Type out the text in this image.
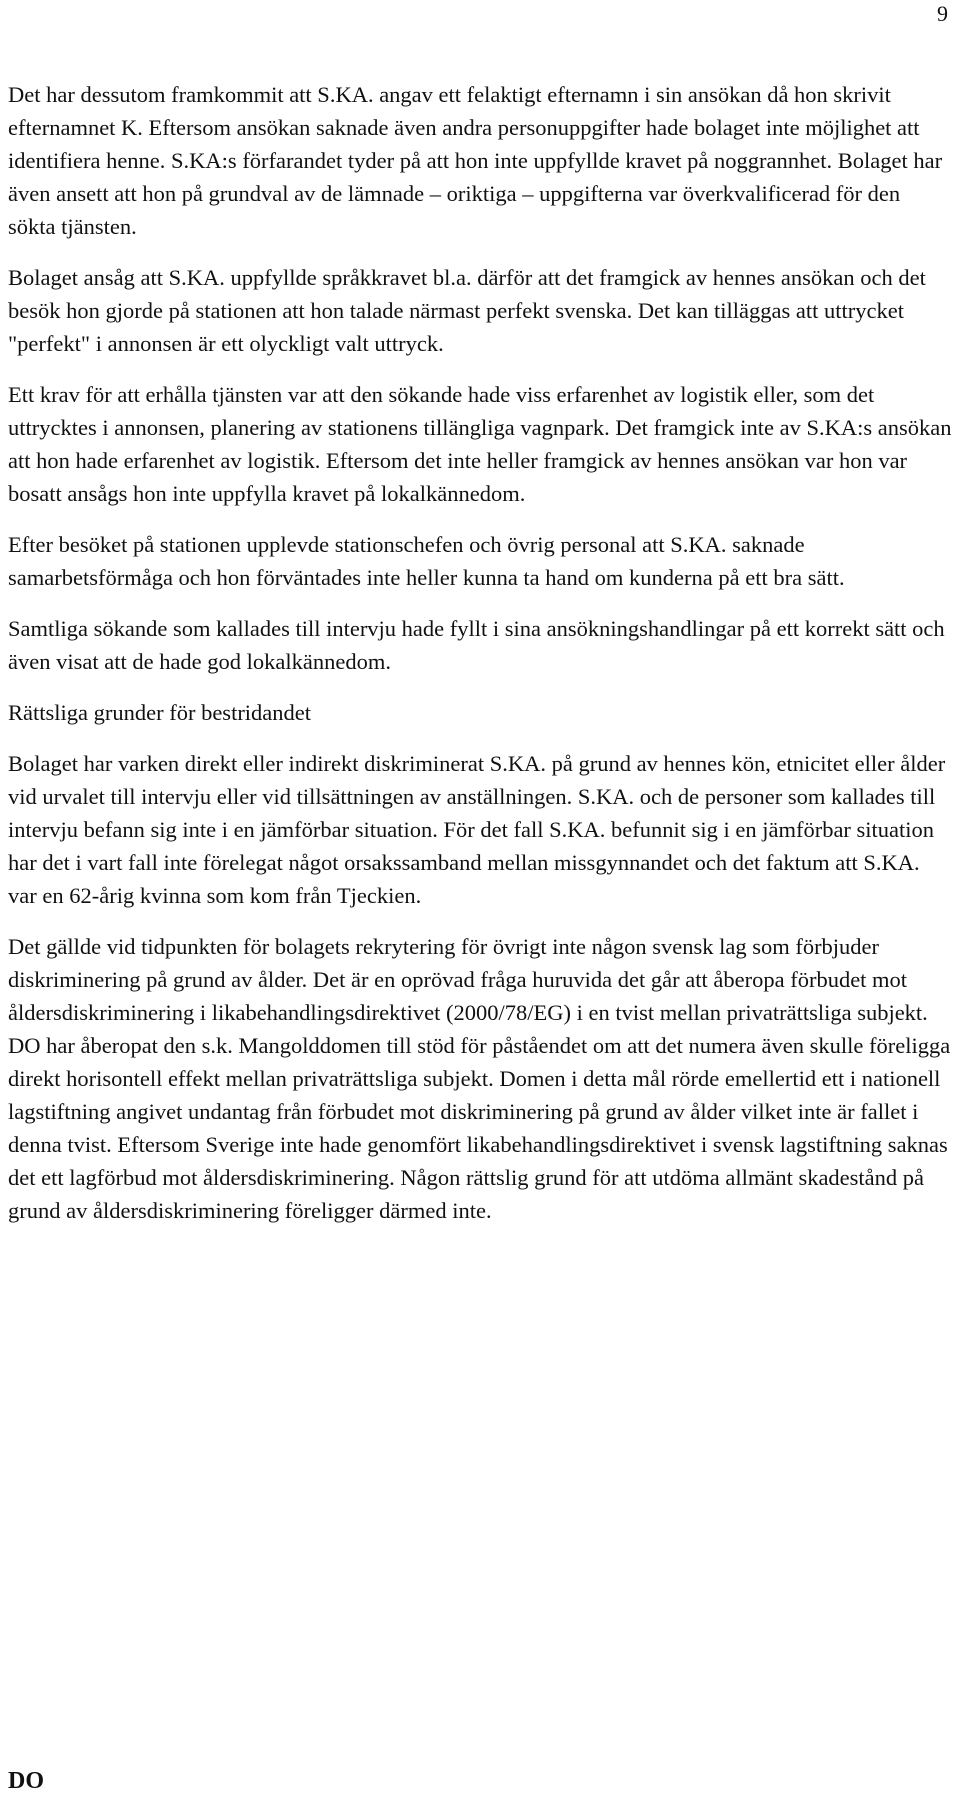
9

Det har dessutom framkommit att S.KA. angav ett felaktigt efternamn i sin ansökan då hon skrivit efternamnet K. Eftersom ansökan saknade även andra personuppgifter hade bolaget inte möjlighet att identifiera henne. S.KA:s förfarandet tyder på att hon inte uppfyllde kravet på noggrannhet. Bolaget har även ansett att hon på grundval av de lämnade – oriktiga – uppgifterna var överkvalificerad för den sökta tjänsten.

Bolaget ansåg att S.KA. uppfyllde språkkravet bl.a. därför att det framgick av hennes ansökan och det besök hon gjorde på stationen att hon talade närmast perfekt svenska. Det kan tilläggas att uttrycket "perfekt" i annonsen är ett olyckligt valt uttryck.

Ett krav för att erhålla tjänsten var att den sökande hade viss erfarenhet av logistik eller, som det uttrycktes i annonsen, planering av stationens tillängliga vagnpark. Det framgick inte av S.KA:s ansökan att hon hade erfarenhet av logistik. Eftersom det inte heller framgick av hennes ansökan var hon var bosatt ansågs hon inte uppfylla kravet på lokalkännedom.

Efter besöket på stationen upplevde stationschefen och övrig personal att S.KA. saknade samarbetsförmåga och hon förväntades inte heller kunna ta hand om kunderna på ett bra sätt.

Samtliga sökande som kallades till intervju hade fyllt i sina ansökningshandlingar på ett korrekt sätt och även visat att de hade god lokalkännedom.

Rättsliga grunder för bestridandet

Bolaget har varken direkt eller indirekt diskriminerat S.KA. på grund av hennes kön, etnicitet eller ålder vid urvalet till intervju eller vid tillsättningen av anställningen. S.KA. och de personer som kallades till intervju befann sig inte i en jämförbar situation. För det fall S.KA. befunnit sig i en jämförbar situation har det i vart fall inte förelegat något orsakssamband mellan missgynnandet och det faktum att S.KA. var en 62-årig kvinna som kom från Tjeckien.

Det gällde vid tidpunkten för bolagets rekrytering för övrigt inte någon svensk lag som förbjuder diskriminering på grund av ålder. Det är en oprövad fråga huruvida det går att åberopa förbudet mot åldersdiskriminering i likabehandlingsdirektivet (2000/78/EG) i en tvist mellan privaträttsliga subjekt. DO har åberopat den s.k. Mangolddomen till stöd för påståendet om att det numera även skulle föreligga direkt horisontell effekt mellan privaträttsliga subjekt. Domen i detta mål rörde emellertid ett i nationell lagstiftning angivet undantag från förbudet mot diskriminering på grund av ålder vilket inte är fallet i denna tvist. Eftersom Sverige inte hade genomfört likabehandlingsdirektivet i svensk lagstiftning saknas det ett lagförbud mot åldersdiskriminering. Någon rättslig grund för att utdöma allmänt skadestånd på grund av åldersdiskriminering föreligger därmed inte.

DO
